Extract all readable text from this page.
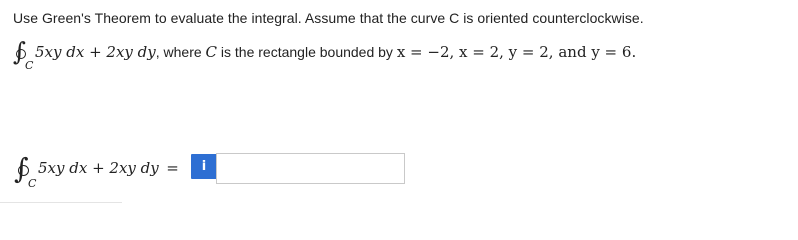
Use Green's Theorem to evaluate the integral. Assume that the curve C is oriented counterclockwise.
∫
C
5xy dx + 2xy dy, where C is the rectangle bounded by x = −2, x = 2, y = 2, and y = 6.
∫ C
5xy dx + 2xy dy =	i
